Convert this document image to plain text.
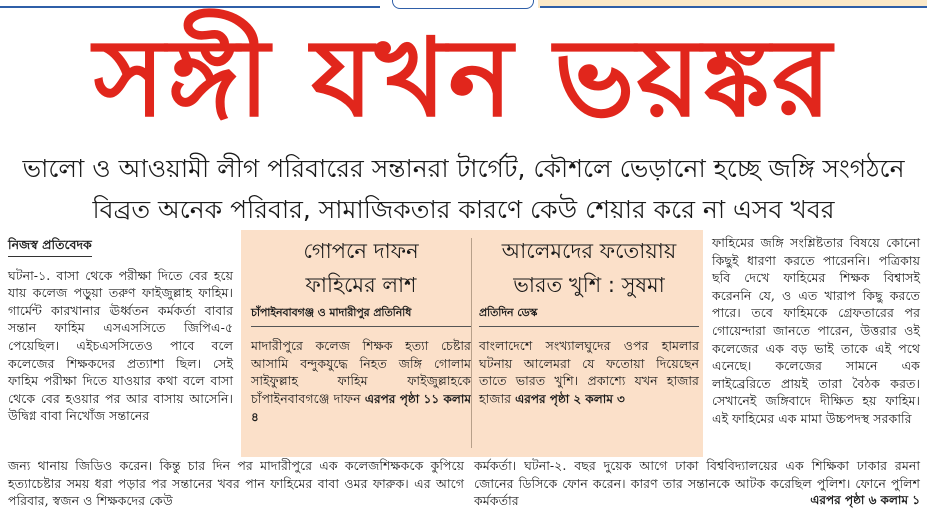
সঙ্গী যখন ভয়ঙ্কর

ভালো ও আওয়ামী লীগ পরিবারের সন্তানরা টার্গেট, কৌশলে ভেড়ানো হচ্ছে জঙ্গি সংগঠনে

বিব্রত অনেক পরিবার, সামাজিকতার কারণে কেউ শেয়ার করে না এসব খবর

নিজস্ব প্রতিবেদক

ঘটনা-১. বাসা থেকে পরীক্ষা দিতে বের হয়ে যায় কলেজ পড়ুয়া তরুণ ফাইজুল্লাহ ফাহিম। গার্মেন্ট কারখানার ঊর্ধ্বতন কর্মকর্তা বাবার সন্তান ফাহিম এসএসসিতে জিপিএ-৫ পেয়েছিল। এইচএসসিতেও পাবে বলে কলেজের শিক্ষকদের প্রত্যাশা ছিল। সেই ফাহিম পরীক্ষা দিতে যাওয়ার কথা বলে বাসা থেকে বের হওয়ার পর আর বাসায় আসেনি। উদ্বিগ্ন বাবা নিখোঁজ সন্তানের

গোপনে দাফন
ফাহিমের লাশ
চাঁপাইনবাবগঞ্জ ও মাদারীপুর প্রতিনিধি
মাদারীপুরে কলেজ শিক্ষক হত্যা চেষ্টার আসামি বন্দুকযুদ্ধে নিহত জঙ্গি গোলাম সাইফুল্লাহ ফাহিম ফাইজুল্লাহকে চাঁপাইনবাবগঞ্জে দাফন এরপর পৃষ্ঠা ১১ কলাম ৪
আলেমদের ফতোয়ায়
ভারত খুশি : সুষমা
প্রতিদিন ডেস্ক
বাংলাদেশে সংখ্যালঘুদের ওপর হামলার ঘটনায় আলেমরা যে ফতোয়া দিয়েছেন তাতে ভারত খুশি। প্রকাশ্যে যখন হাজার হাজার এরপর পৃষ্ঠা ২ কলাম ৩

ফাহিমের জঙ্গি সংশ্লিষ্টতার বিষয়ে কোনো কিছুই ধারণা করতে পারেননি। পত্রিকায় ছবি দেখে ফাহিমের শিক্ষক বিশ্বাসই করেননি যে, ও এত খারাপ কিছু করতে পারে। তবে ফাহিমকে গ্রেফতারের পর গোয়েন্দারা জানতে পারেন, উত্তরার ওই কলেজের এক বড় ভাই তাকে এই পথে এনেছে। কলেজের সামনে এক লাইব্রেরিতে প্রায়ই তারা বৈঠক করত। সেখানেই জঙ্গিবাদে দীক্ষিত হয় ফাহিম। এই ফাহিমের এক মামা উচ্চপদস্থ সরকারি

জন্য থানায় জিডিও করেন। কিন্তু চার দিন পর মাদারীপুরে এক কলেজশিক্ষককে কুপিয়ে হত্যাচেষ্টার সময় ধরা পড়ার পর সন্তানের খবর পান ফাহিমের বাবা ওমর ফারুক। এর আগে পরিবার, স্বজন ও শিক্ষকদের কেউ

কর্মকর্তা। ঘটনা-২. বছর দুয়েক আগে ঢাকা বিশ্ববিদ্যালয়ের এক শিক্ষিকা ঢাকার রমনা জোনের ডিসিকে ফোন করেন। কারণ তার সন্তানকে আটক করেছিল পুলিশ। ফোনে পুলিশ কর্মকর্তার	এরপর পৃষ্ঠা ৬ কলাম ১
